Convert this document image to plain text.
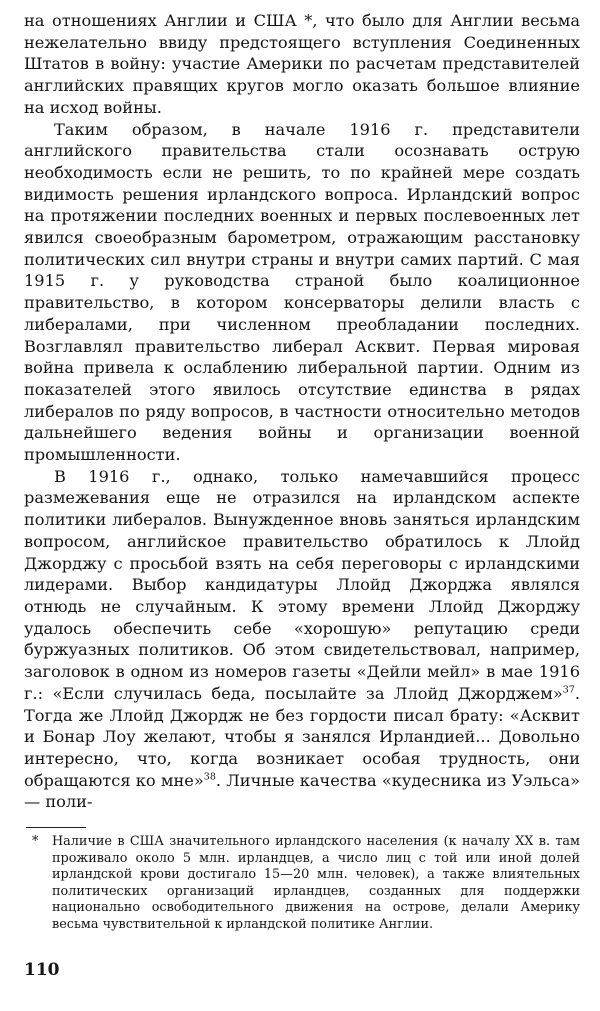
на отношениях Англии и США *, что было для Англии весьма нежелательно ввиду предстоящего вступления Соединенных Штатов в войну: участие Америки по расчетам представителей английских правящих кругов могло оказать большое влияние на исход войны.

Таким образом, в начале 1916 г. представители английского правительства стали осознавать острую необходимость если не решить, то по крайней мере создать видимость решения ирландского вопроса. Ирландский вопрос на протяжении последних военных и первых послевоенных лет явился своеобразным барометром, отражающим расстановку политических сил внутри страны и внутри самих партий. С мая 1915 г. у руководства страной было коалиционное правительство, в котором консерваторы делили власть с либералами, при численном преобладании последних. Возглавлял правительство либерал Асквит. Первая мировая война привела к ослаблению либеральной партии. Одним из показателей этого явилось отсутствие единства в рядах либералов по ряду вопросов, в частности относительно методов дальнейшего ведения войны и организации военной промышленности.

В 1916 г., однако, только намечавшийся процесс размежевания еще не отразился на ирландском аспекте политики либералов. Вынужденное вновь заняться ирландским вопросом, английское правительство обратилось к Ллойд Джорджу с просьбой взять на себя переговоры с ирландскими лидерами. Выбор кандидатуры Ллойд Джорджа являлся отнюдь не случайным. К этому времени Ллойд Джорджу удалось обеспечить себе «хорошую» репутацию среди буржуазных политиков. Об этом свидетельствовал, например, заголовок в одном из номеров газеты «Дейли мейл» в мае 1916 г.: «Если случилась беда, посылайте за Ллойд Джорджем»$^{37}$. Тогда же Ллойд Джордж не без гордости писал брату: «Асквит и Бонар Лоу желают, чтобы я занялся Ирландией... Довольно интересно, что, когда возникает особая трудность, они обращаются ко мне»$^{38}$. Личные качества «кудесника из Уэльса» — поли-

* Наличие в США значительного ирландского населения (к началу XX в. там проживало около 5 млн. ирландцев, а число лиц с той или иной долей ирландской крови достигало 15—20 млн. человек), а также влиятельных политических организаций ирландцев, созданных для поддержки национально освободительного движения на острове, делали Америку весьма чувствительной к ирландской политике Англии.
110
